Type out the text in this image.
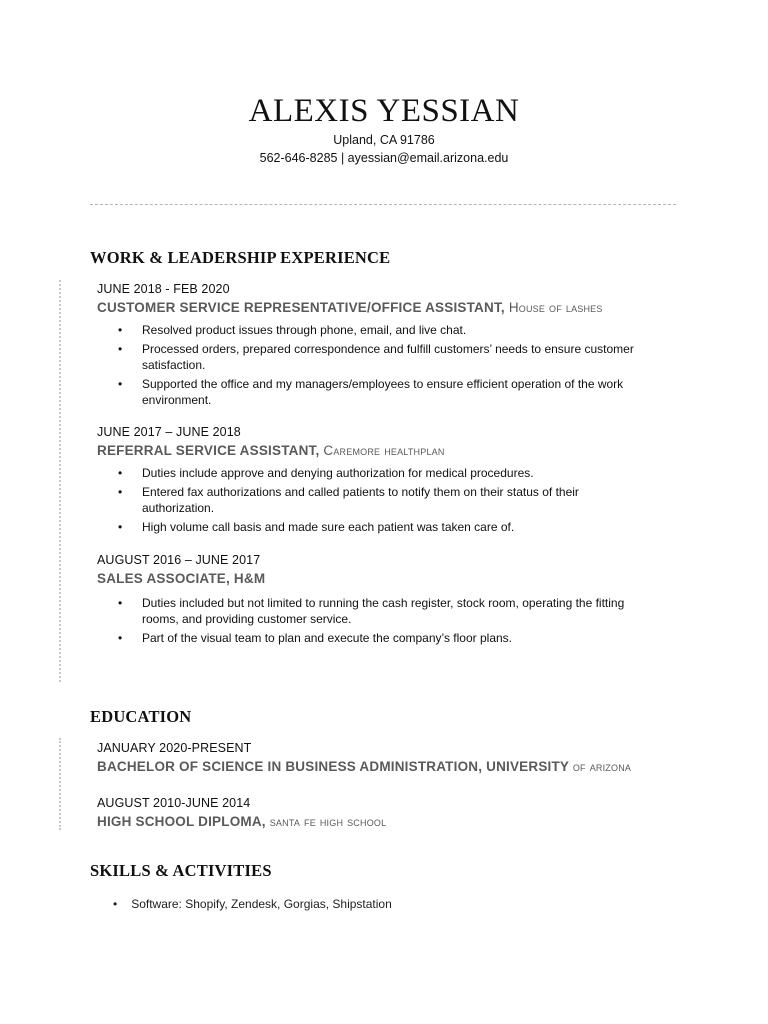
ALEXIS YESSIAN
Upland, CA 91786
562-646-8285 | ayessian@email.arizona.edu
WORK & LEADERSHIP EXPERIENCE
JUNE 2018 - FEB 2020
CUSTOMER SERVICE REPRESENTATIVE/OFFICE ASSISTANT, House of lashes
• Resolved product issues through phone, email, and live chat.
• Processed orders, prepared correspondence and fulfill customers’ needs to ensure customer satisfaction.
• Supported the office and my managers/employees to ensure efficient operation of the work environment.
JUNE 2017 – JUNE 2018
REFERRAL SERVICE ASSISTANT, Caremore healthplan
• Duties include approve and denying authorization for medical procedures.
• Entered fax authorizations and called patients to notify them on their status of their authorization.
• High volume call basis and made sure each patient was taken care of.
AUGUST 2016 – JUNE 2017
SALES ASSOCIATE, H&M
• Duties included but not limited to running the cash register, stock room, operating the fitting rooms, and providing customer service.
• Part of the visual team to plan and execute the company’s floor plans.
EDUCATION
JANUARY 2020-PRESENT
BACHELOR OF SCIENCE IN BUSINESS ADMINISTRATION, UNIVERSITY of arizona
AUGUST 2010-JUNE 2014
HIGH SCHOOL DIPLOMA, santa fe high school
SKILLS & ACTIVITIES
• Software: Shopify, Zendesk, Gorgias, Shipstation
